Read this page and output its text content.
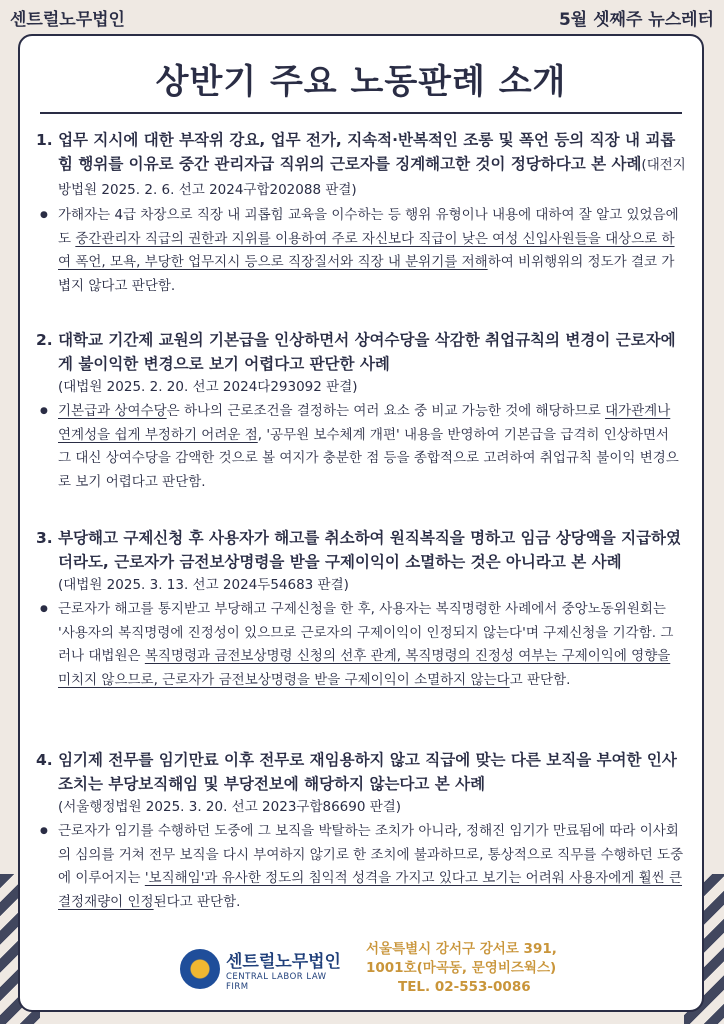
센트럴노무법인	5월 셋째주 뉴스레터
상반기 주요 노동판례 소개
1. 업무 지시에 대한 부작위 강요, 업무 전가, 지속적·반복적인 조롱 및 폭언 등의 직장 내 괴롭힘 행위를 이유로 중간 관리자급 직위의 근로자를 징계해고한 것이 정당하다고 본 사례(대전지방법원 2025. 2. 6. 선고 2024구합202088 판결)
● 가해자는 4급 차장으로 직장 내 괴롭힘 교육을 이수하는 등 행위 유형이나 내용에 대하여 잘 알고 있었음에도 중간관리자 직급의 권한과 지위를 이용하여 주로 자신보다 직급이 낮은 여성 신입사원들을 대상으로 하여 폭언, 모욕, 부당한 업무지시 등으로 직장질서와 직장 내 분위기를 저해하여 비위행위의 정도가 결코 가볍지 않다고 판단함.
2. 대학교 기간제 교원의 기본급을 인상하면서 상여수당을 삭감한 취업규칙의 변경이 근로자에게 불이익한 변경으로 보기 어렵다고 판단한 사례
(대법원 2025. 2. 20. 선고 2024다293092 판결)
● 기본급과 상여수당은 하나의 근로조건을 결정하는 여러 요소 중 비교 가능한 것에 해당하므로 대가관계나 연계성을 쉽게 부정하기 어려운 점, '공무원 보수체계 개편' 내용을 반영하여 기본급을 급격히 인상하면서 그 대신 상여수당을 감액한 것으로 볼 여지가 충분한 점 등을 종합적으로 고려하여 취업규칙 불이익 변경으로 보기 어렵다고 판단함.
3. 부당해고 구제신청 후 사용자가 해고를 취소하여 원직복직을 명하고 임금 상당액을 지급하였더라도, 근로자가 금전보상명령을 받을 구제이익이 소멸하는 것은 아니라고 본 사례
(대법원 2025. 3. 13. 선고 2024두54683 판결)
● 근로자가 해고를 통지받고 부당해고 구제신청을 한 후, 사용자는 복직명령한 사례에서 중앙노동위원회는 '사용자의 복직명령에 진정성이 있으므로 근로자의 구제이익이 인정되지 않는다'며 구제신청을 기각함. 그러나 대법원은 복직명령과 금전보상명령 신청의 선후 관계, 복직명령의 진정성 여부는 구제이익에 영향을 미치지 않으므로, 근로자가 금전보상명령을 받을 구제이익이 소멸하지 않는다고 판단함.
4. 임기제 전무를 임기만료 이후 전무로 재임용하지 않고 직급에 맞는 다른 보직을 부여한 인사조치는 부당보직해임 및 부당전보에 해당하지 않는다고 본 사례
(서울행정법원 2025. 3. 20. 선고 2023구합86690 판결)
● 근로자가 임기를 수행하던 도중에 그 보직을 박탈하는 조치가 아니라, 정해진 임기가 만료됨에 따라 이사회의 심의를 거쳐 전무 보직을 다시 부여하지 않기로 한 조치에 불과하므로, 통상적으로 직무를 수행하던 도중에 이루어지는 '보직해임'과 유사한 정도의 침익적 성격을 가지고 있다고 보기는 어려워 사용자에게 훨씬 큰 결정재량이 인정된다고 판단함.
센트럴노무법인
CENTRAL LABOR LAW FIRM
서울특별시 강서구 강서로 391,
1001호(마곡동, 문영비즈웍스)
TEL. 02-553-0086
